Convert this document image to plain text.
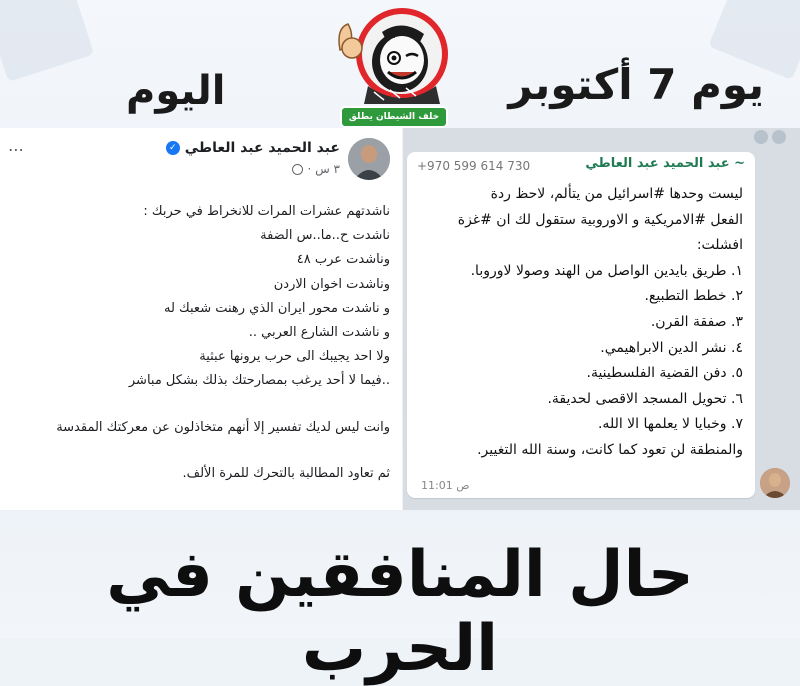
اليوم	يوم 7 أكتوبر
#
خلف الشيطان يطلق
⋯	عبد الحميد عبد العاطي
✓
٣ س ·
ناشدتهم عشرات المرات للانخراط في حربك :
ناشدت ح..ما..س الضفة
وناشدت عرب ٤٨
وناشدت اخوان الاردن
و ناشدت محور ايران الذي رهنت شعبك له
و ناشدت الشارع العربي ..
ولا احد يجيبك الى حرب يرونها عبثية
..فيما لا أحد يرغب بمصارحتك بذلك بشكل مباشر
وانت ليس لديك تفسير إلا أنهم متخاذلون عن معركتك المقدسة
ثم تعاود المطالبة بالتحرك للمرة الألف.
~ عبد الحميد عبد العاطي
+970 599 614 730
ليست وحدها #اسرائيل من يتألم، لاحظ ردة
الفعل #الامريكية و الاوروبية ستقول لك ان #غزة
افشلت:
١. طريق بايدين الواصل من الهند وصولا لاوروبا.
٢. خطط التطبيع.
٣. صفقة القرن.
٤. نشر الدين الابراهيمي.
٥. دفن القضية الفلسطينية.
٦. تحويل المسجد الاقصى لحديقة.
٧. وخبايا لا يعلمها الا الله.
والمنطقة لن تعود كما كانت، وسنة الله التغيير.
11:01 ص
حال المنافقين في الحرب
